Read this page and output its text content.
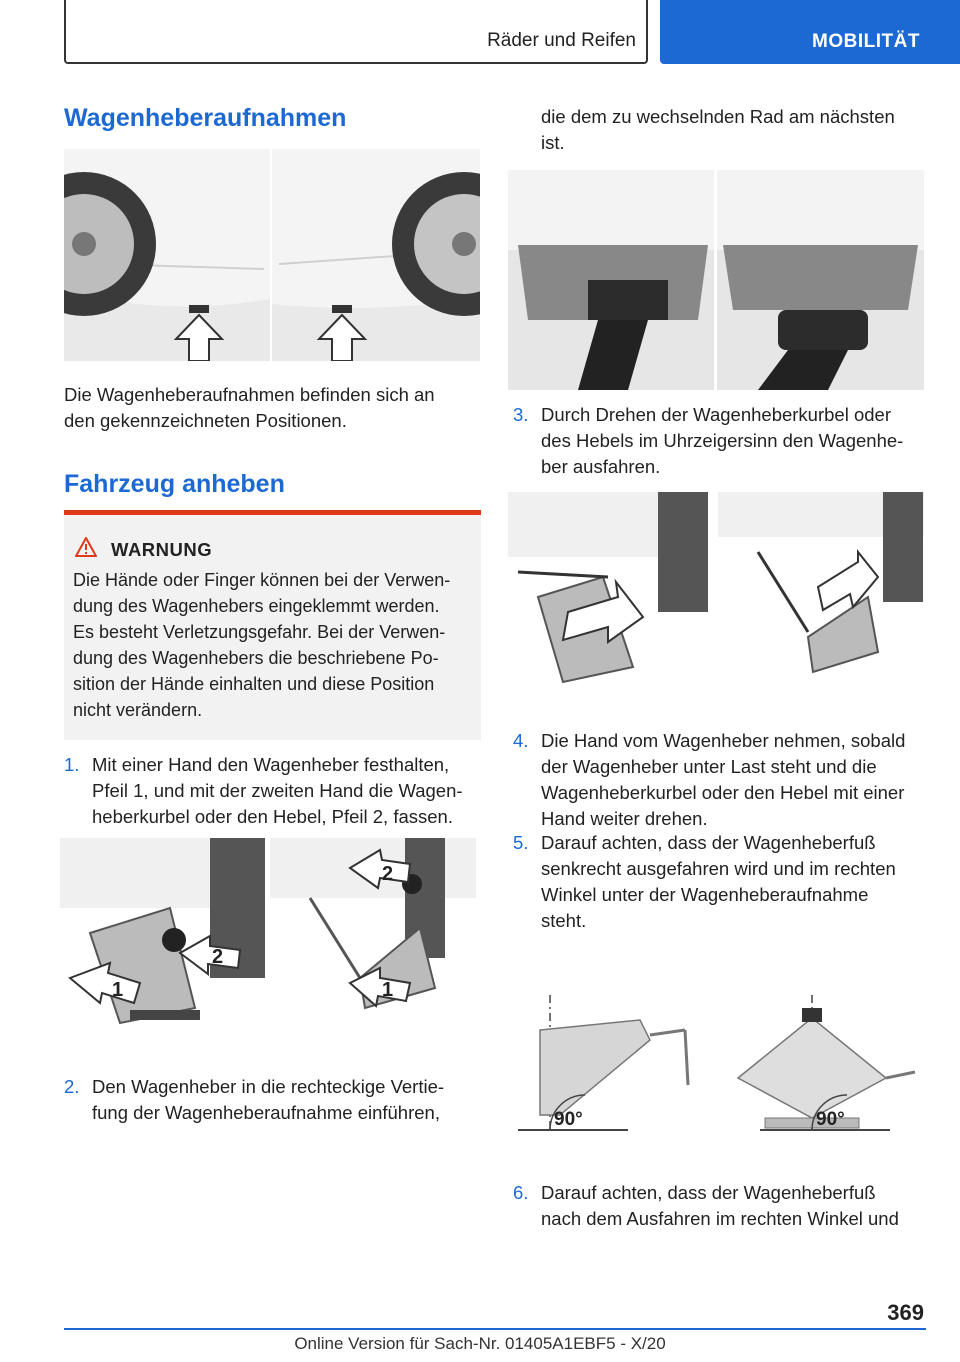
Räder und Reifen	MOBILITÄT
Wagenheberaufnahmen
Die Wagenheberaufnahmen befinden sich an
den gekennzeichneten Positionen.
Fahrzeug anheben
WARNUNG
Die Hände oder Finger können bei der Verwen‐
dung des Wagenhebers eingeklemmt werden.
Es besteht Verletzungsgefahr. Bei der Verwen‐
dung des Wagenhebers die beschriebene Po‐
sition der Hände einhalten und diese Position
nicht verändern.
1. Mit einer Hand den Wagenheber festhalten,
Pfeil 1, und mit der zweiten Hand die Wagen‐
heberkurbel oder den Hebel, Pfeil 2, fassen.
1
2
2
1
2. Den Wagenheber in die rechteckige Vertie‐
fung der Wagenheberaufnahme einführen,
die dem zu wechselnden Rad am nächsten
ist.
3. Durch Drehen der Wagenheberkurbel oder
des Hebels im Uhrzeigersinn den Wagenhe‐
ber ausfahren.
4. Die Hand vom Wagenheber nehmen, sobald
der Wagenheber unter Last steht und die
Wagenheberkurbel oder den Hebel mit einer
Hand weiter drehen.
5. Darauf achten, dass der Wagenheberfuß
senkrecht ausgefahren wird und im rechten
Winkel unter der Wagenheberaufnahme
steht.
90°	90°
6. Darauf achten, dass der Wagenheberfuß
nach dem Ausfahren im rechten Winkel und
369
Online Version für Sach-Nr. 01405A1EBF5 - X/20
